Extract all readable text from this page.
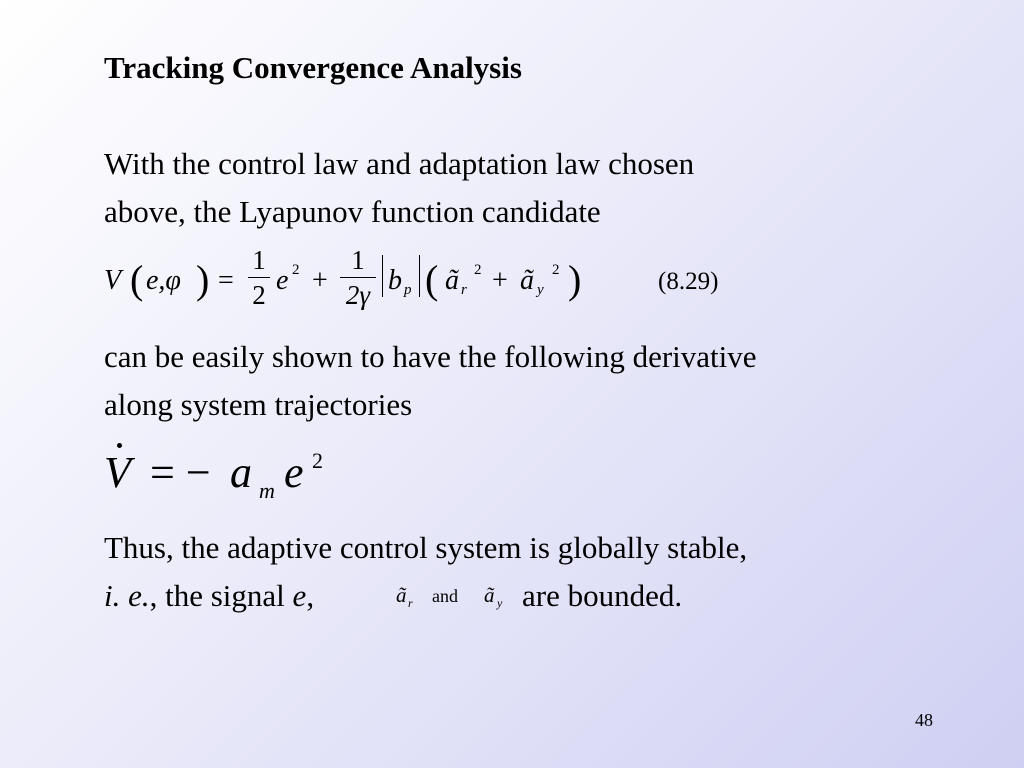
Tracking Convergence Analysis
With the control law and adaptation law chosen
above, the Lyapunov function candidate
V ( e,φ ) =
1
2 e 2 +
1
2γ b p ( ã r
2 + ã y
2 )	(8.29)
can be easily shown to have the following derivative
along system trajectories
V = − a m e 2
Thus, the adaptive control system is globally stable,
i. e., the signal e,	ã r and ã y are bounded.
48
